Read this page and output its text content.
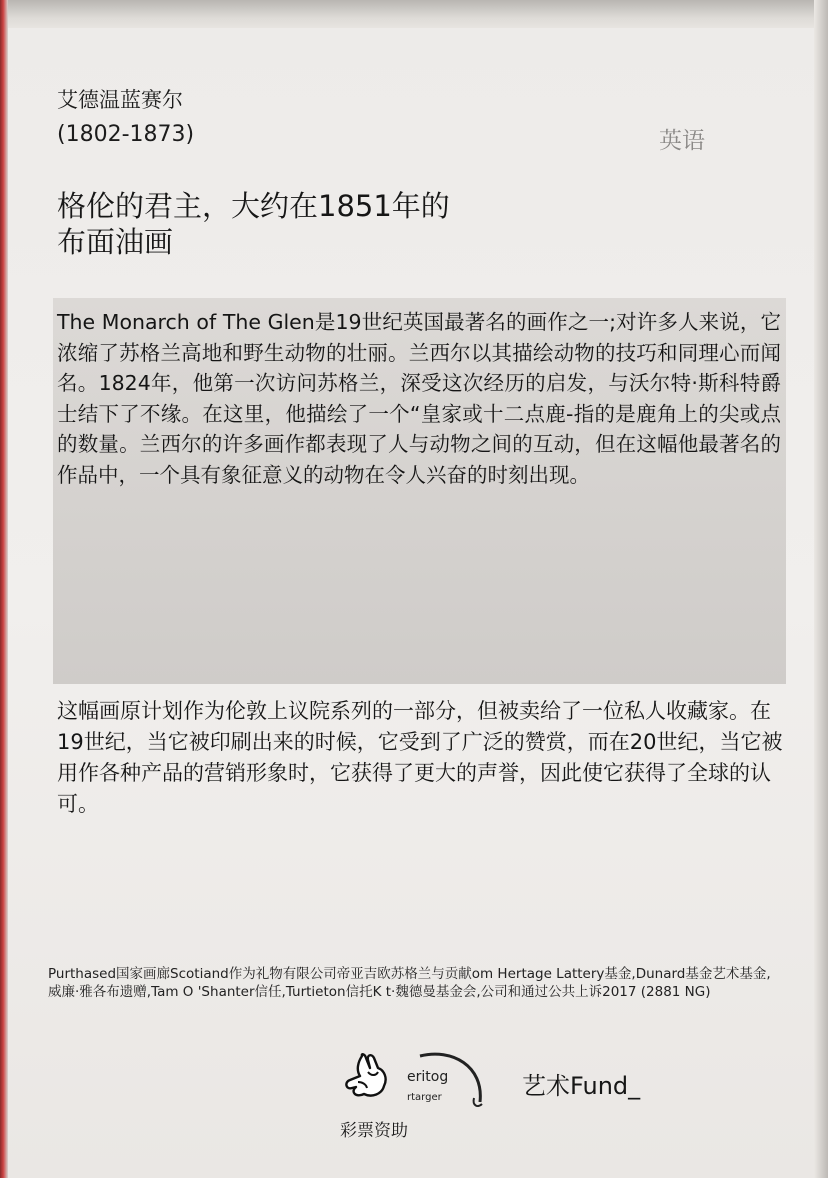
艾德温蓝赛尔
(1802-1873)	英语
格伦的君主，大约在1851年的
布面油画
The Monarch of The Glen是19世纪英国最著名的画作之一;对许多人来说，它浓缩了苏格兰高地和野生动物的壮丽。兰西尔以其描绘动物的技巧和同理心而闻名。1824年，他第一次访问苏格兰，深受这次经历的启发，与沃尔特·斯科特爵士结下了不缘。在这里，他描绘了一个“皇家或十二点鹿-指的是鹿角上的尖或点的数量。兰西尔的许多画作都表现了人与动物之间的互动，但在这幅他最著名的作品中，一个具有象征意义的动物在令人兴奋的时刻出现。
这幅画原计划作为伦敦上议院系列的一部分，但被卖给了一位私人收藏家。在19世纪，当它被印刷出来的时候，它受到了广泛的赞赏，而在20世纪，当它被用作各种产品的营销形象时，它获得了更大的声誉，因此使它获得了全球的认可。
Purthased国家画廊Scotiand作为礼物有限公司帝亚吉欧苏格兰与贡献om Hertage Lattery基金,Dunard基金艺术基金,威廉·雅各布遗赠,Tam O 'Shanter信任,Turtieton信托K t·魏德曼基金会,公司和通过公共上诉2017 (2881 NG)
eritog
rtarger	艺术Fund_
彩票资助
